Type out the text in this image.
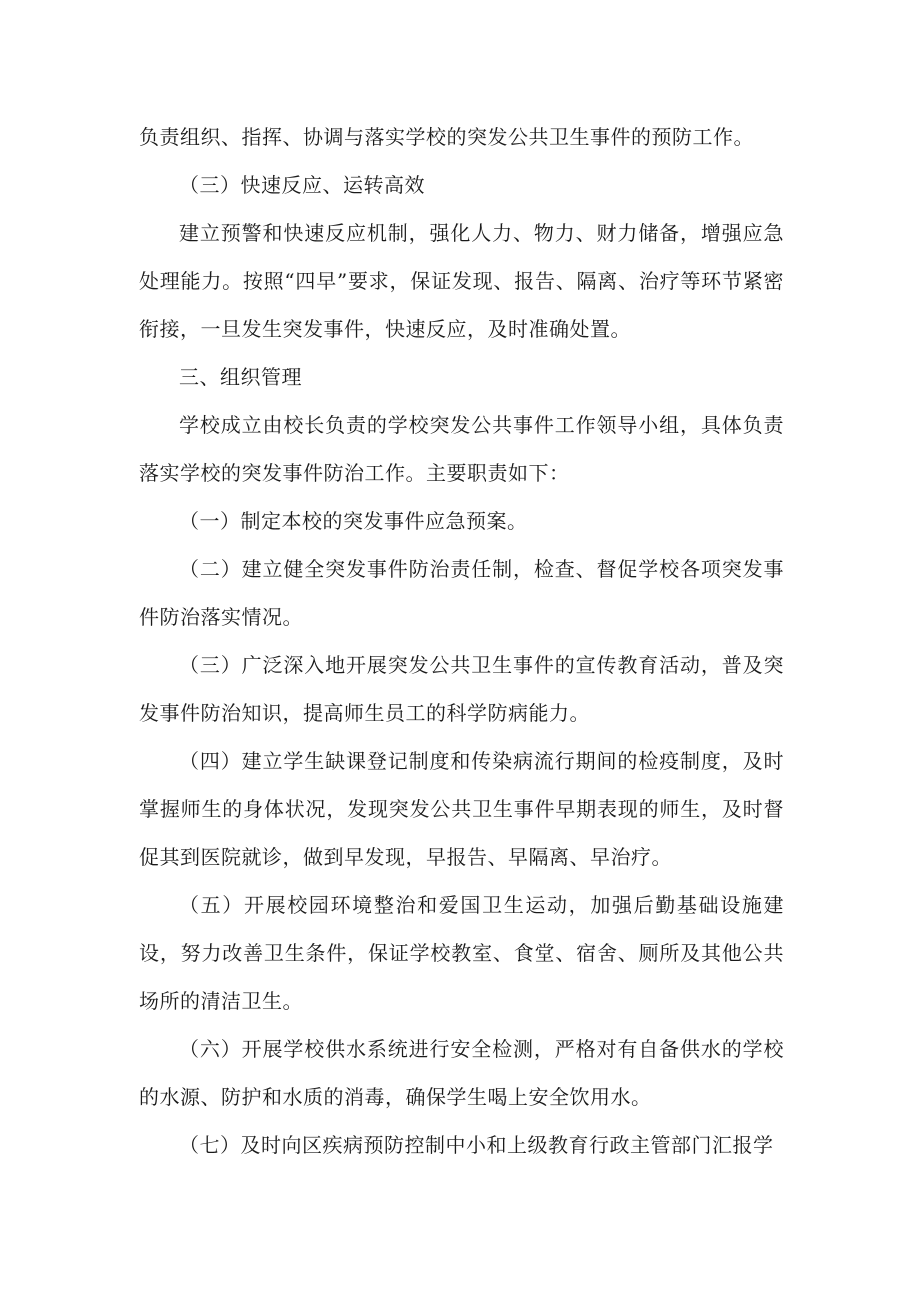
负责组织、指挥、协调与落实学校的突发公共卫生事件的预防工作。

（三）快速反应、运转高效

建立预警和快速反应机制，强化人力、物力、财力储备，增强应急处理能力。按照“四早”要求，保证发现、报告、隔离、治疗等环节紧密衔接，一旦发生突发事件，快速反应，及时准确处置。

三、组织管理

学校成立由校长负责的学校突发公共事件工作领导小组，具体负责落实学校的突发事件防治工作。主要职责如下：

（一）制定本校的突发事件应急预案。

（二）建立健全突发事件防治责任制，检查、督促学校各项突发事件防治落实情况。

（三）广泛深入地开展突发公共卫生事件的宣传教育活动，普及突发事件防治知识，提高师生员工的科学防病能力。

（四）建立学生缺课登记制度和传染病流行期间的检疫制度，及时掌握师生的身体状况，发现突发公共卫生事件早期表现的师生，及时督促其到医院就诊，做到早发现，早报告、早隔离、早治疗。

（五）开展校园环境整治和爱国卫生运动，加强后勤基础设施建设，努力改善卫生条件，保证学校教室、食堂、宿舍、厕所及其他公共场所的清洁卫生。

（六）开展学校供水系统进行安全检测，严格对有自备供水的学校的水源、防护和水质的消毒，确保学生喝上安全饮用水。

（七）及时向区疾病预防控制中小和上级教育行政主管部门汇报学
